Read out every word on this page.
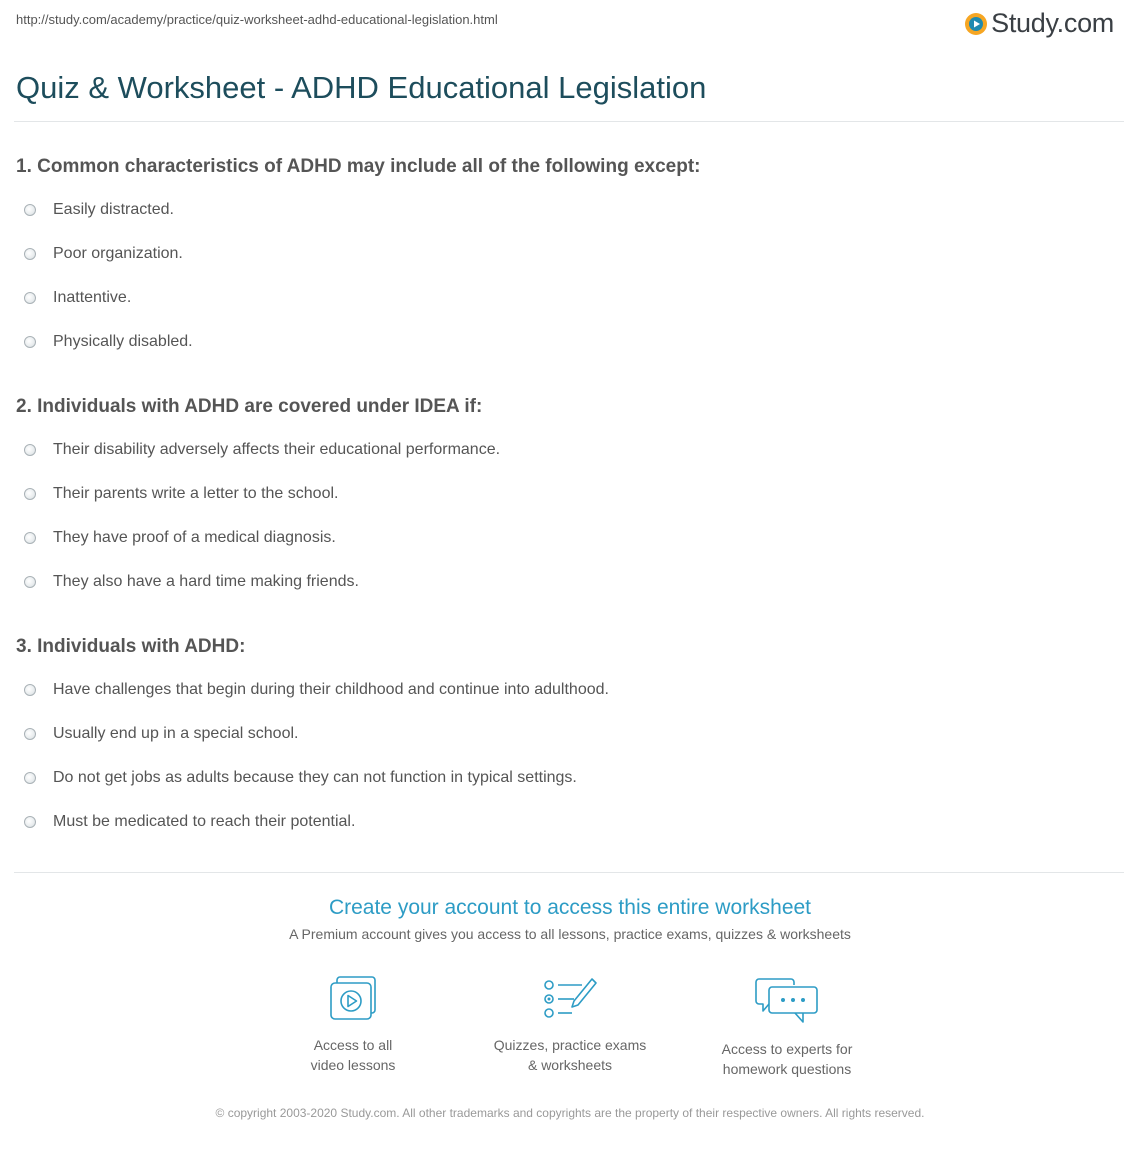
http://study.com/academy/practice/quiz-worksheet-adhd-educational-legislation.html	Study.com
Quiz & Worksheet - ADHD Educational Legislation
1. Common characteristics of ADHD may include all of the following except:
Easily distracted.
Poor organization.
Inattentive.
Physically disabled.
2. Individuals with ADHD are covered under IDEA if:
Their disability adversely affects their educational performance.
Their parents write a letter to the school.
They have proof of a medical diagnosis.
They also have a hard time making friends.
3. Individuals with ADHD:
Have challenges that begin during their childhood and continue into adulthood.
Usually end up in a special school.
Do not get jobs as adults because they can not function in typical settings.
Must be medicated to reach their potential.
Create your account to access this entire worksheet
A Premium account gives you access to all lessons, practice exams, quizzes & worksheets
Access to all
video lessons
Quizzes, practice exams
& worksheets
Access to experts for
homework questions
© copyright 2003-2020 Study.com. All other trademarks and copyrights are the property of their respective owners. All rights reserved.
